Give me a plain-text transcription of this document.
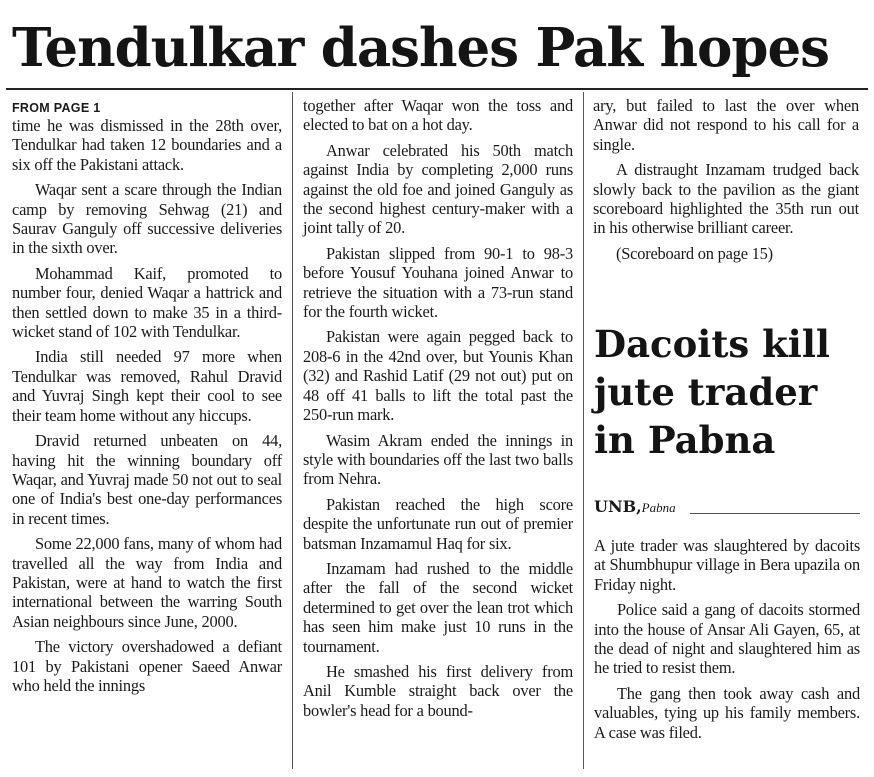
Tendulkar dashes Pak hopes
FROM PAGE 1

time he was dismissed in the 28th over, Tendulkar had taken 12 boundaries and a six off the Pakistani attack.

Waqar sent a scare through the Indian camp by removing Sehwag (21) and Saurav Ganguly off successive deliveries in the sixth over.

Mohammad Kaif, promoted to number four, denied Waqar a hattrick and then settled down to make 35 in a third-wicket stand of 102 with Tendulkar.

India still needed 97 more when Tendulkar was removed, Rahul Dravid and Yuvraj Singh kept their cool to see their team home without any hiccups.

Dravid returned unbeaten on 44, having hit the winning boundary off Waqar, and Yuvraj made 50 not out to seal one of India's best one-day performances in recent times.

Some 22,000 fans, many of whom had travelled all the way from India and Pakistan, were at hand to watch the first international between the warring South Asian neighbours since June, 2000.

The victory overshadowed a defiant 101 by Pakistani opener Saeed Anwar who held the innings

together after Waqar won the toss and elected to bat on a hot day.

Anwar celebrated his 50th match against India by completing 2,000 runs against the old foe and joined Ganguly as the second highest century-maker with a joint tally of 20.

Pakistan slipped from 90-1 to 98-3 before Yousuf Youhana joined Anwar to retrieve the situation with a 73-run stand for the fourth wicket.

Pakistan were again pegged back to 208-6 in the 42nd over, but Younis Khan (32) and Rashid Latif (29 not out) put on 48 off 41 balls to lift the total past the 250-run mark.

Wasim Akram ended the innings in style with boundaries off the last two balls from Nehra.

Pakistan reached the high score despite the unfortunate run out of premier batsman Inzamamul Haq for six.

Inzamam had rushed to the middle after the fall of the second wicket determined to get over the lean trot which has seen him make just 10 runs in the tournament.

He smashed his first delivery from Anil Kumble straight back over the bowler's head for a bound-

ary, but failed to last the over when Anwar did not respond to his call for a single.

A distraught Inzamam trudged back slowly back to the pavilion as the giant scoreboard highlighted the 35th run out in his otherwise brilliant career.

(Scoreboard on page 15)

Dacoits kill jute trader in Pabna
UNB,Pabna

A jute trader was slaughtered by dacoits at Shumbhupur village in Bera upazila on Friday night.

Police said a gang of dacoits stormed into the house of Ansar Ali Gayen, 65, at the dead of night and slaughtered him as he tried to resist them.

The gang then took away cash and valuables, tying up his family members. A case was filed.
